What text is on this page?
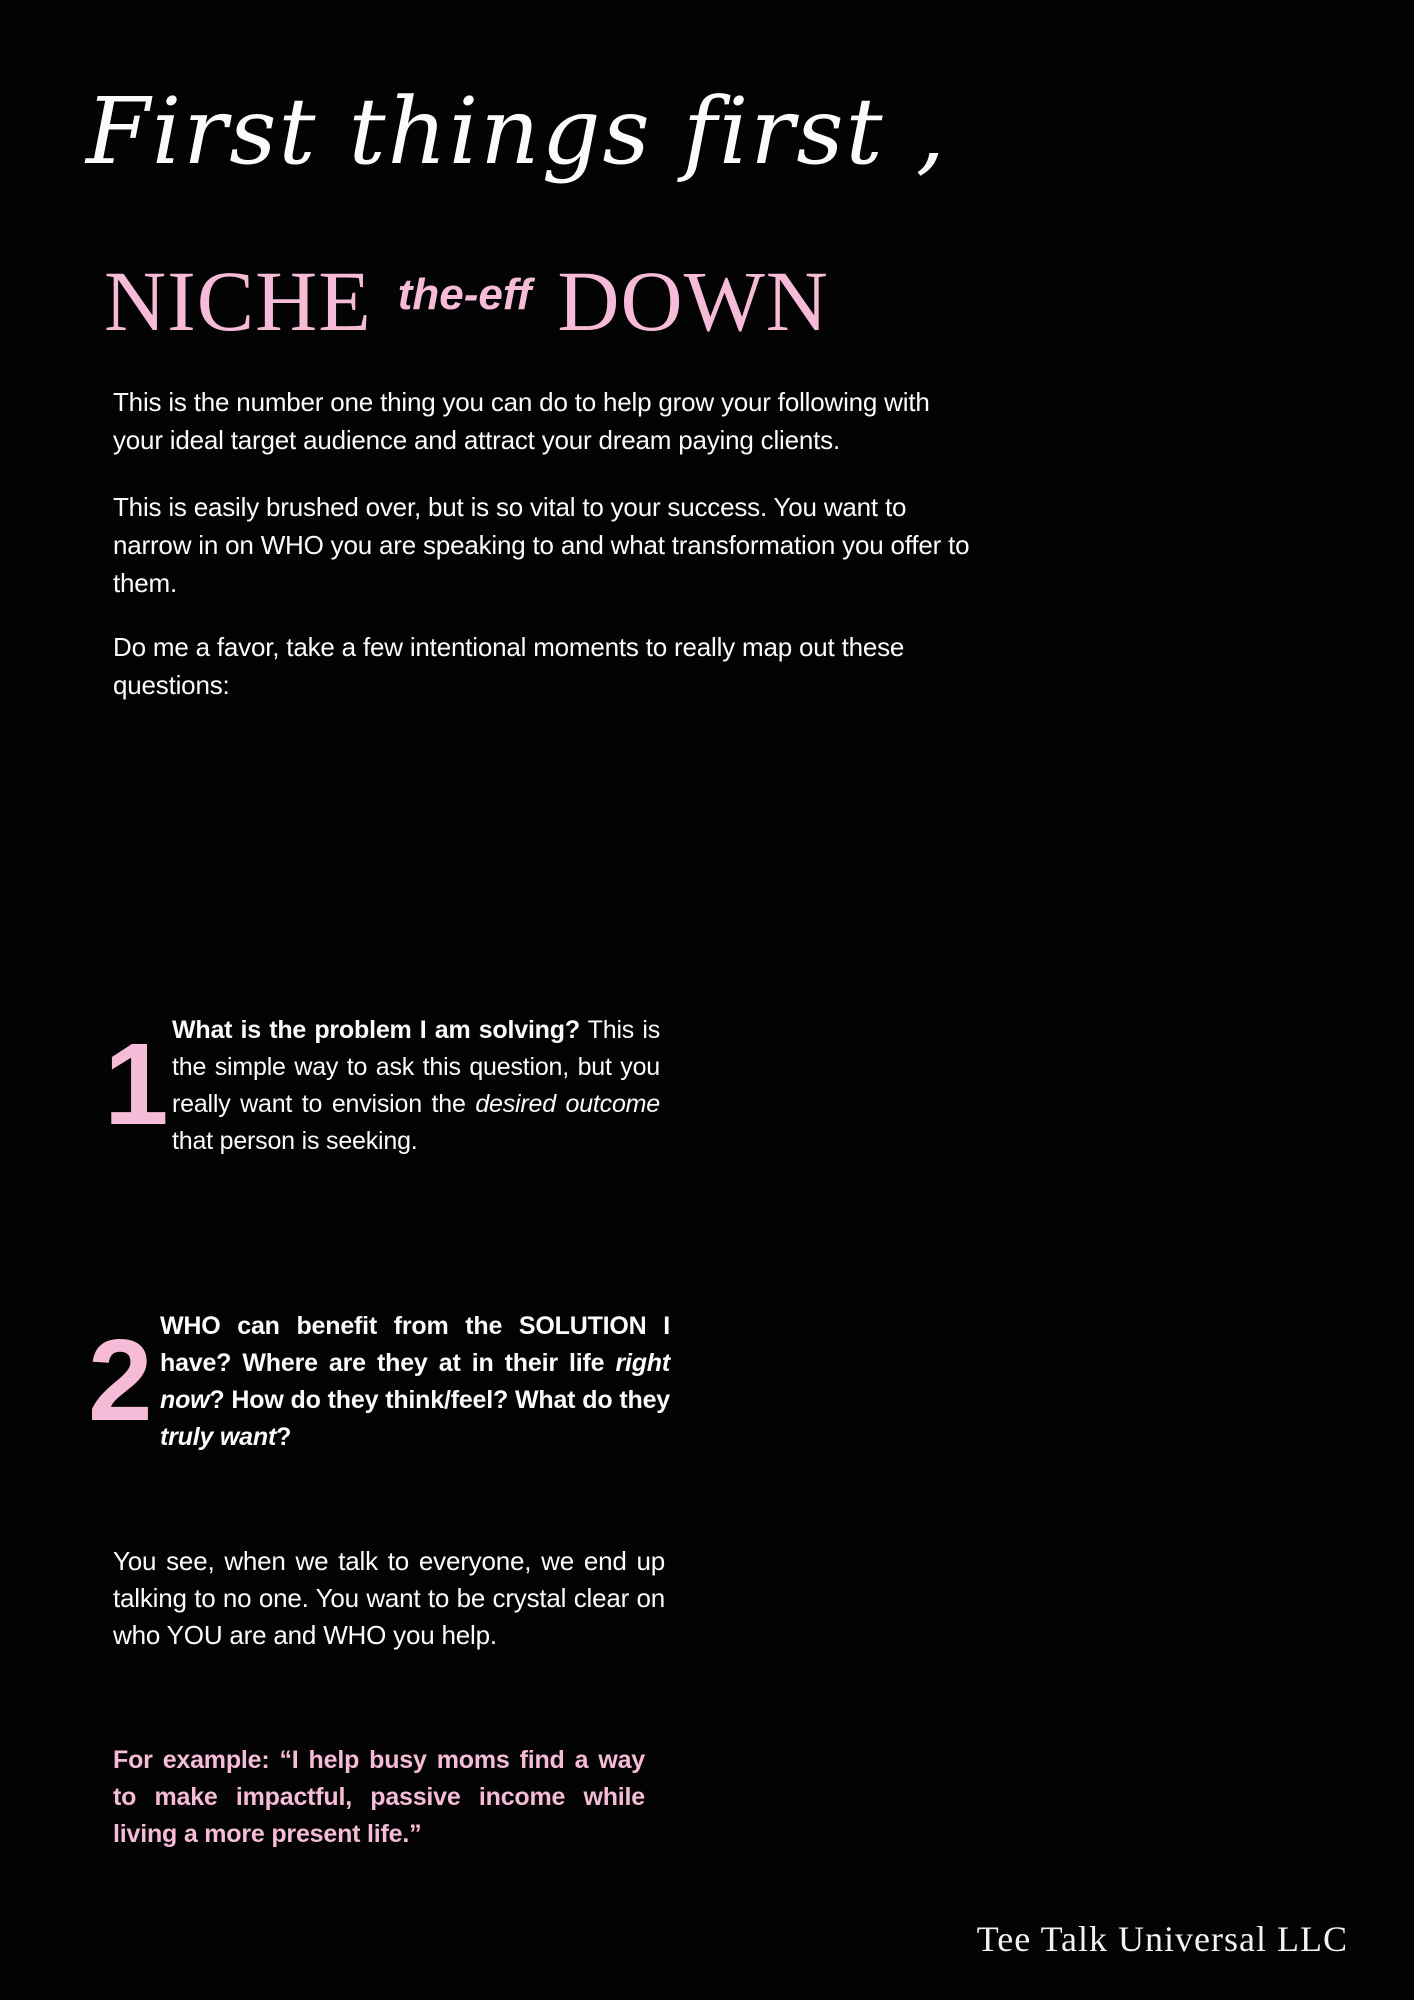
First things first ,
NICHE the-eff DOWN

This is the number one thing you can do to help grow your following with your ideal target audience and attract your dream paying clients.

This is easily brushed over, but is so vital to your success. You want to narrow in on WHO you are speaking to and what transformation you offer to them.

Do me a favor, take a few intentional moments to really map out these questions:

1 What is the problem I am solving? This is the simple way to ask this question, but you really want to envision the desired outcome that person is seeking.

2 WHO can benefit from the SOLUTION I have? Where are they at in their life right now? How do they think/feel? What do they truly want?

You see, when we talk to everyone, we end up talking to no one. You want to be crystal clear on who YOU are and WHO you help.

For example: “I help busy moms find a way to make impactful, passive income while living a more present life.”

Tee Talk Universal LLC
